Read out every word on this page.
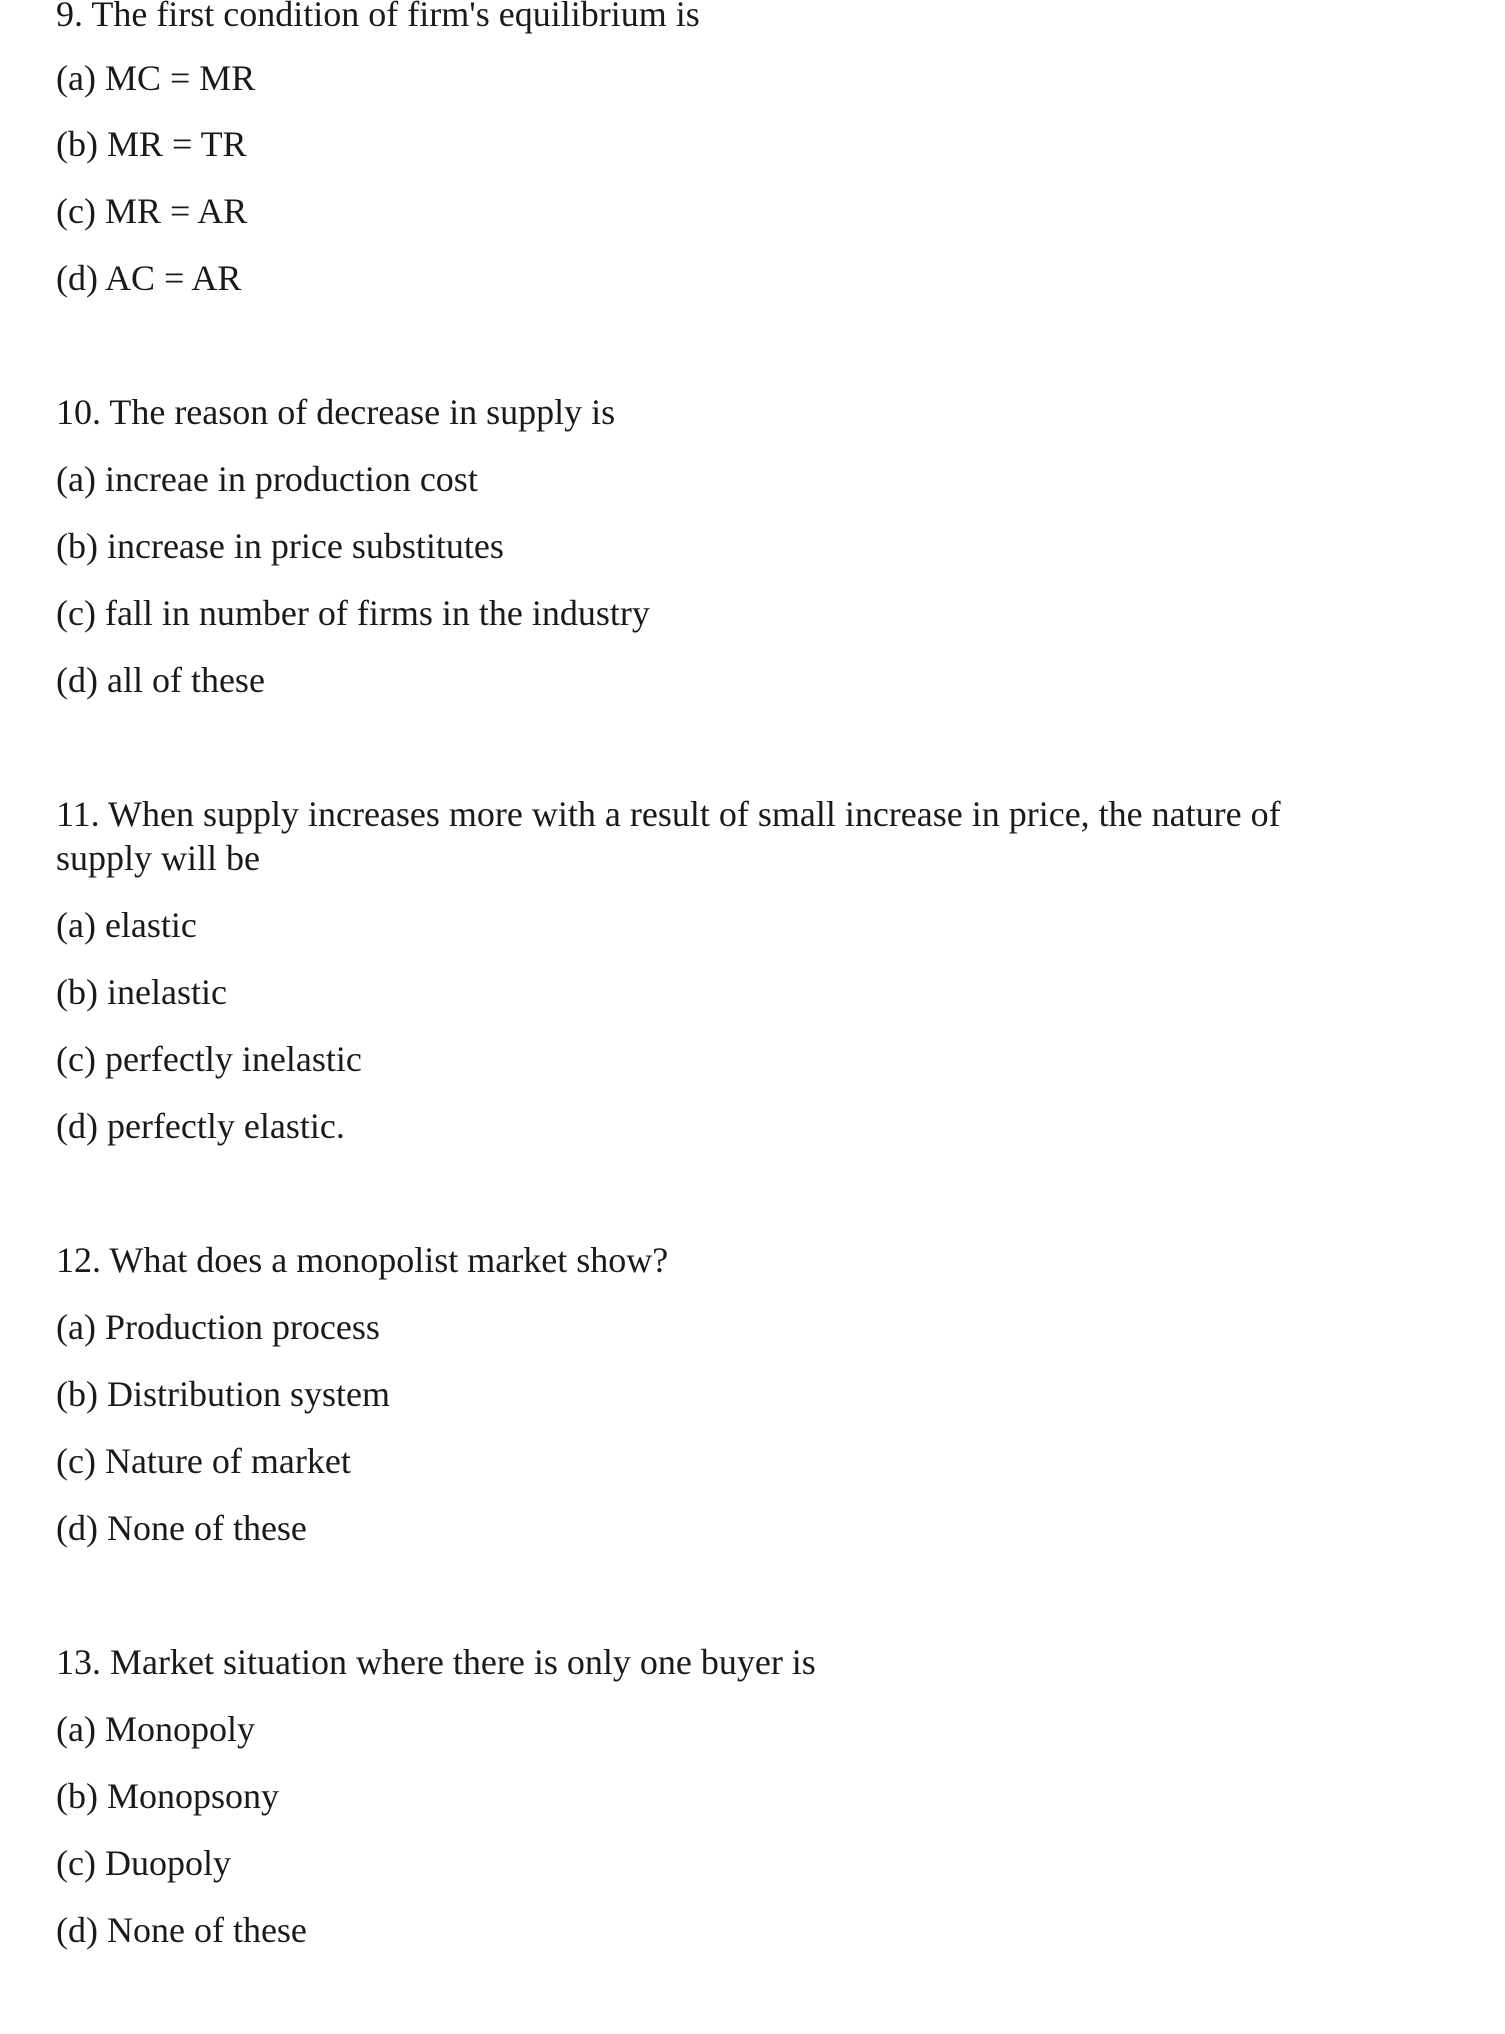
9. The first condition of firm's equilibrium is

(a) MC = MR

(b) MR = TR

(c) MR = AR

(d) AC = AR

10. The reason of decrease in supply is

(a) increae in production cost

(b) increase in price substitutes

(c) fall in number of firms in the industry

(d) all of these

11. When supply increases more with a result of small increase in price, the nature of

supply will be

(a) elastic

(b) inelastic

(c) perfectly inelastic

(d) perfectly elastic.

12. What does a monopolist market show?

(a) Production process

(b) Distribution system

(c) Nature of market

(d) None of these

13. Market situation where there is only one buyer is

(a) Monopoly

(b) Monopsony

(c) Duopoly

(d) None of these
